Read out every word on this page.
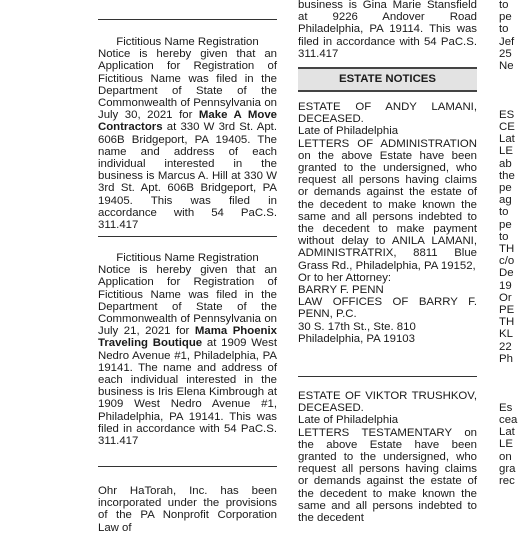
Fictitious Name Registration
Notice is hereby given that an Application for Registration of Fictitious Name was filed in the Department of State of the Commonwealth of Pennsylvania on July 30, 2021 for Make A Move Contractors at 330 W 3rd St. Apt. 606B Bridgeport, PA 19405. The name and address of each individual interested in the business is Marcus A. Hill at 330 W 3rd St. Apt. 606B Bridgeport, PA 19405. This was filed in accordance with 54 PaC.S. 311.417
Fictitious Name Registration
Notice is hereby given that an Application for Registration of Fictitious Name was filed in the Department of State of the Commonwealth of Pennsylvania on July 21, 2021 for Mama Phoenix Traveling Boutique at 1909 West Nedro Avenue #1, Philadelphia, PA 19141. The name and address of each individual interested in the business is Iris Elena Kimbrough at 1909 West Nedro Avenue #1, Philadelphia, PA 19141. This was filed in accordance with 54 PaC.S. 311.417
Ohr HaTorah, Inc. has been incorporated under the provisions of the PA Nonprofit Corporation Law of
business is Gina Marie Stansfield at 9226 Andover Road Philadelphia, PA 19114. This was filed in accordance with 54 PaC.S. 311.417
ESTATE NOTICES
ESTATE OF ANDY LAMANI, DECEASED.
Late of Philadelphia
LETTERS OF ADMINISTRATION on the above Estate have been granted to the undersigned, who request all persons having claims or demands against the estate of the decedent to make known the same and all persons indebted to the decedent to make payment without delay to ANILA LAMANI, ADMINISTRATRIX, 8811 Blue Grass Rd., Philadelphia, PA 19152,
Or to her Attorney:
BARRY F. PENN
LAW OFFICES OF BARRY F. PENN, P.C.
30 S. 17th St., Ste. 810
Philadelphia, PA 19103
ESTATE OF VIKTOR TRUSHKOV, DECEASED.
Late of Philadelphia
LETTERS TESTAMENTARY on the above Estate have been granted to the undersigned, who request all persons having claims or demands against the estate of the decedent to make known the same and all persons indebted to the decedent
to
pe
to
Jef
25
Ne

ES
CE
Lat
LE
ab
the
pe
ag
to
pe
to
TH
c/o
De
19
Or
PE
TH
KL
22
Ph

Es
cea
Lat
LE
on
gra
rec
